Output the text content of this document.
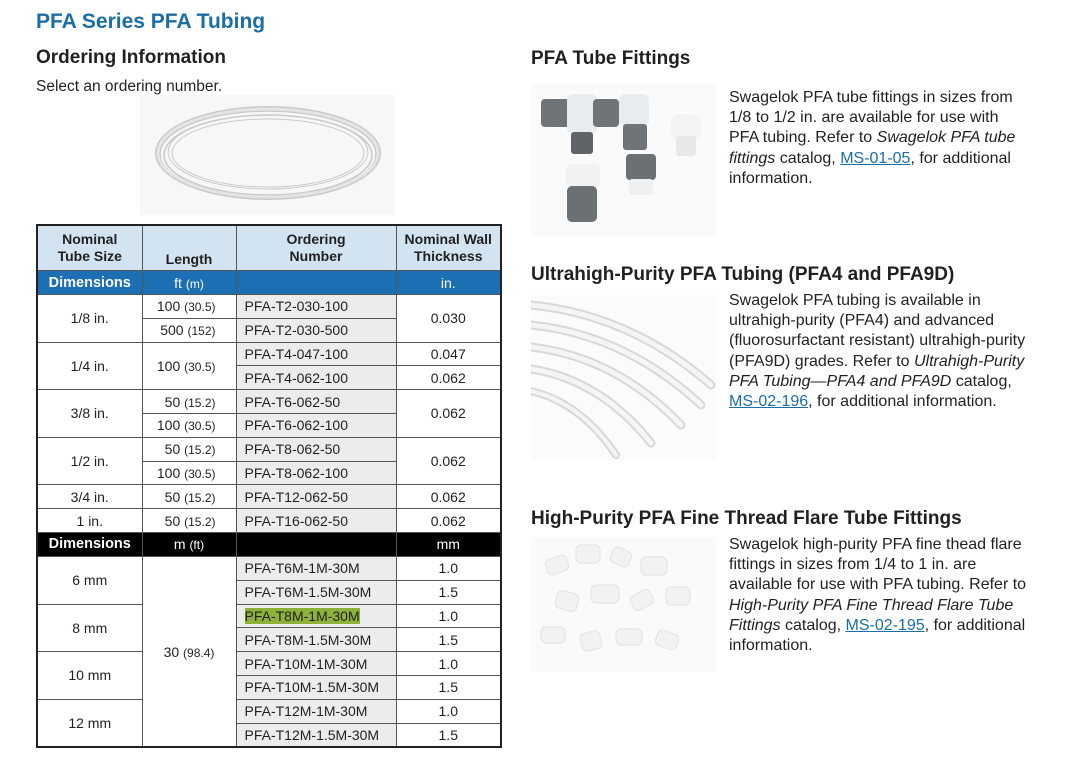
PFA Series PFA Tubing
Ordering Information
Select an ordering number.
Nominal
Tube Size	Length	Ordering
Number	Nominal Wall
Thickness
Dimensions	ft (m)		in.
1/8 in.	100 (30.5)	PFA-T2-030-100	0.030
	500 (152)	PFA-T2-030-500	
1/4 in.	100 (30.5)	PFA-T4-047-100	0.047
		PFA-T4-062-100	0.062
3/8 in.	50 (15.2)	PFA-T6-062-50	0.062
	100 (30.5)	PFA-T6-062-100	
1/2 in.	50 (15.2)	PFA-T8-062-50	0.062
	100 (30.5)	PFA-T8-062-100	
3/4 in.	50 (15.2)	PFA-T12-062-50	0.062
1 in.	50 (15.2)	PFA-T16-062-50	0.062
Dimensions	m (ft)		mm
6 mm	30 (98.4)	PFA-T6M-1M-30M	1.0
		PFA-T6M-1.5M-30M	1.5
8 mm		PFA-T8M-1M-30M	1.0
		PFA-T8M-1.5M-30M	1.5
10 mm		PFA-T10M-1M-30M	1.0
		PFA-T10M-1.5M-30M	1.5
12 mm		PFA-T12M-1M-30M	1.0
		PFA-T12M-1.5M-30M	1.5
PFA Tube Fittings
Swagelok PFA tube fittings in sizes from 1/8 to 1/2 in. are available for use with PFA tubing. Refer to Swagelok PFA tube fittings catalog, MS-01-05, for additional information.
Ultrahigh-Purity PFA Tubing (PFA4 and PFA9D)
Swagelok PFA tubing is available in ultrahigh-purity (PFA4) and advanced (fluorosurfactant resistant) ultrahigh-purity (PFA9D) grades. Refer to Ultrahigh-Purity PFA Tubing—PFA4 and PFA9D catalog, MS-02-196, for additional information.
High-Purity PFA Fine Thread Flare Tube Fittings
Swagelok high-purity PFA fine thead flare fittings in sizes from 1/4 to 1 in. are available for use with PFA tubing. Refer to High-Purity PFA Fine Thread Flare Tube Fittings catalog, MS-02-195, for additional information.
